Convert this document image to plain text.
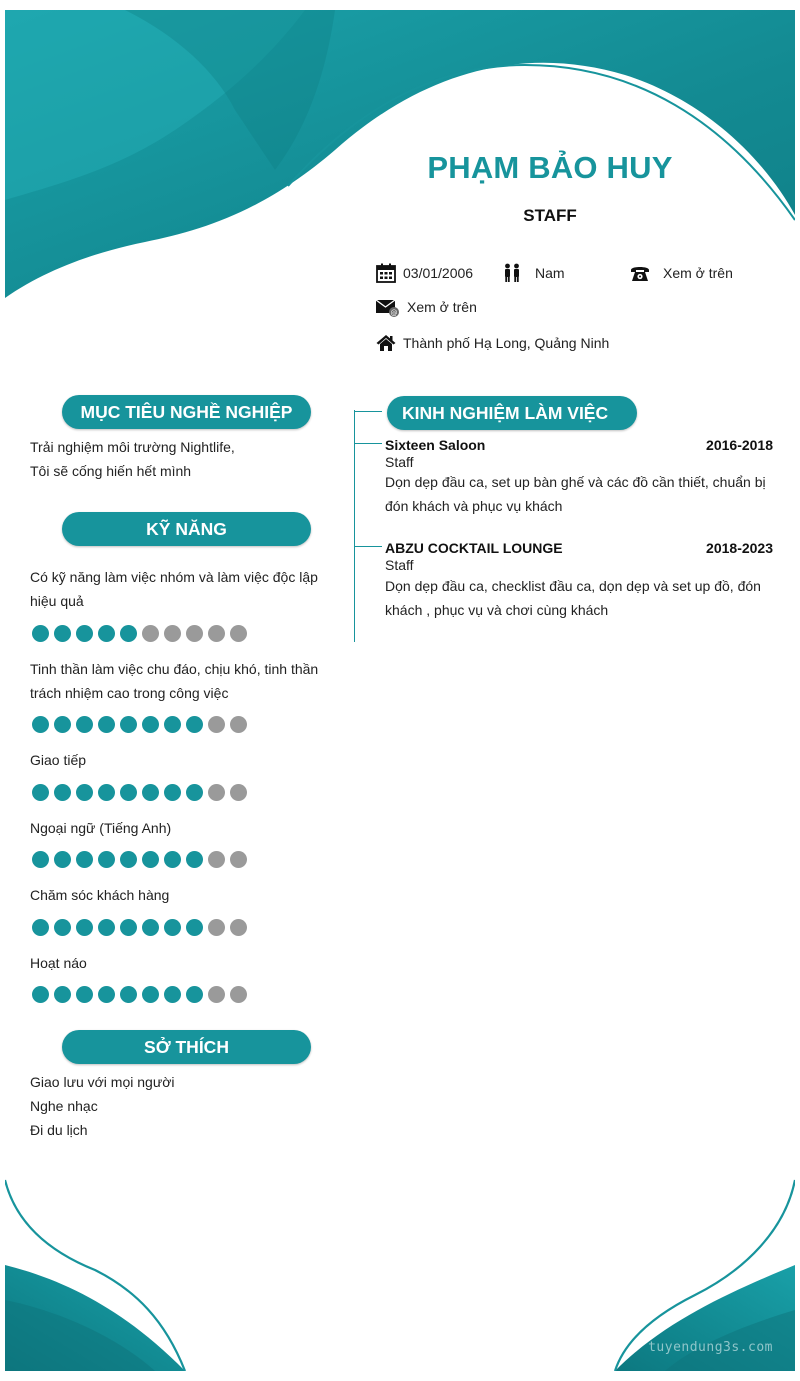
PHẠM BẢO HUY
STAFF
03/01/2006	Nam	Xem ở trên
@ Xem ở trên
Thành phố Hạ Long, Quảng Ninh
MỤC TIÊU NGHỀ NGHIỆP
Trải nghiệm môi trường Nightlife,
Tôi sẽ cống hiến hết mình
KỸ NĂNG
Có kỹ năng làm việc nhóm và làm việc độc lập
hiệu quả
Tinh thần làm việc chu đáo, chịu khó, tinh thần
trách nhiệm cao trong công việc
Giao tiếp
Ngoại ngữ (Tiếng Anh)
Chăm sóc khách hàng
Hoạt náo
SỞ THÍCH
Giao lưu với mọi người
Nghe nhạc
Đi du lịch
KINH NGHIỆM LÀM VIỆC
Sixteen Saloon	2016-2018
Staff
Dọn dẹp đầu ca, set up bàn ghế và các đồ cần thiết, chuẩn bị
đón khách và phục vụ khách
ABZU COCKTAIL LOUNGE	2018-2023
Staff
Dọn dẹp đầu ca, checklist đầu ca, dọn dẹp và set up đồ, đón
khách , phục vụ và chơi cùng khách
tuyendung3s.com
